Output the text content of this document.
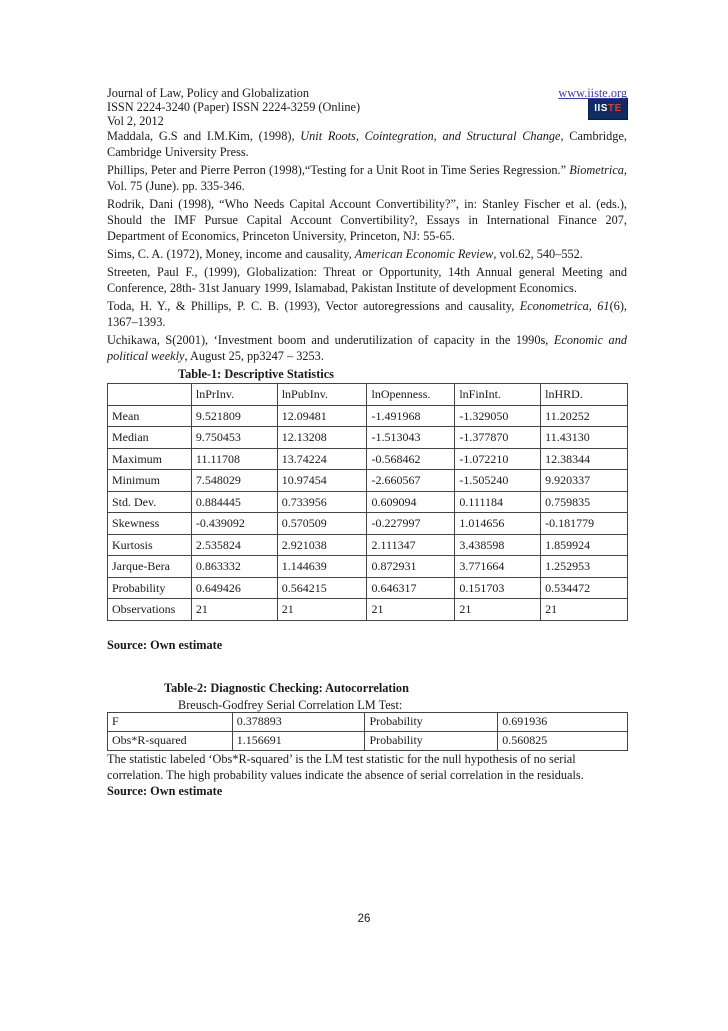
IISTE
Journal of Law, Policy and Globalization	www.iiste.org
ISSN 2224-3240 (Paper) ISSN 2224-3259 (Online)
Vol 2, 2012

Maddala, G.S and I.M.Kim, (1998), Unit Roots, Cointegration, and Structural Change, Cambridge, Cambridge University Press.

Phillips, Peter and Pierre Perron (1998),“Testing for a Unit Root in Time Series Regression.” Biometrica, Vol. 75 (June). pp. 335-346.

Rodrik, Dani (1998), “Who Needs Capital Account Convertibility?”, in: Stanley Fischer et al. (eds.), Should the IMF Pursue Capital Account Convertibility?, Essays in International Finance 207, Department of Economics, Princeton University, Princeton, NJ: 55-65.

Sims, C. A. (1972), Money, income and causality, American Economic Review, vol.62, 540–552.

Streeten, Paul F., (1999), Globalization: Threat or Opportunity, 14th Annual general Meeting and Conference, 28th- 31st January 1999, Islamabad, Pakistan Institute of development Economics.

Toda, H. Y., & Phillips, P. C. B. (1993), Vector autoregressions and causality, Econometrica, 61(6), 1367–1393.

Uchikawa, S(2001), ‘Investment boom and underutilization of capacity in the 1990s, Economic and political weekly, August 25, pp3247 – 3253.

Table-1: Descriptive Statistics
	lnPrInv.	lnPubInv.	lnOpenness.	lnFinInt.	lnHRD.
Mean	9.521809	12.09481	-1.491968	-1.329050	11.20252
Median	9.750453	12.13208	-1.513043	-1.377870	11.43130
Maximum	11.11708	13.74224	-0.568462	-1.072210	12.38344
Minimum	7.548029	10.97454	-2.660567	-1.505240	9.920337
Std. Dev.	0.884445	0.733956	0.609094	0.111184	0.759835
Skewness	-0.439092	0.570509	-0.227997	1.014656	-0.181779
Kurtosis	2.535824	2.921038	2.111347	3.438598	1.859924
Jarque-Bera	0.863332	1.144639	0.872931	3.771664	1.252953
Probability	0.649426	0.564215	0.646317	0.151703	0.534472
Observations	21	21	21	21	21
Source: Own estimate
Table-2: Diagnostic Checking: Autocorrelation
Breusch-Godfrey Serial Correlation LM Test:
F	0.378893	Probability	0.691936
Obs*R-squared	1.156691	Probability	0.560825

The statistic labeled ‘Obs*R-squared’ is the LM test statistic for the null hypothesis of no serial correlation. The high probability values indicate the absence of serial correlation in the residuals.

Source: Own estimate
26
